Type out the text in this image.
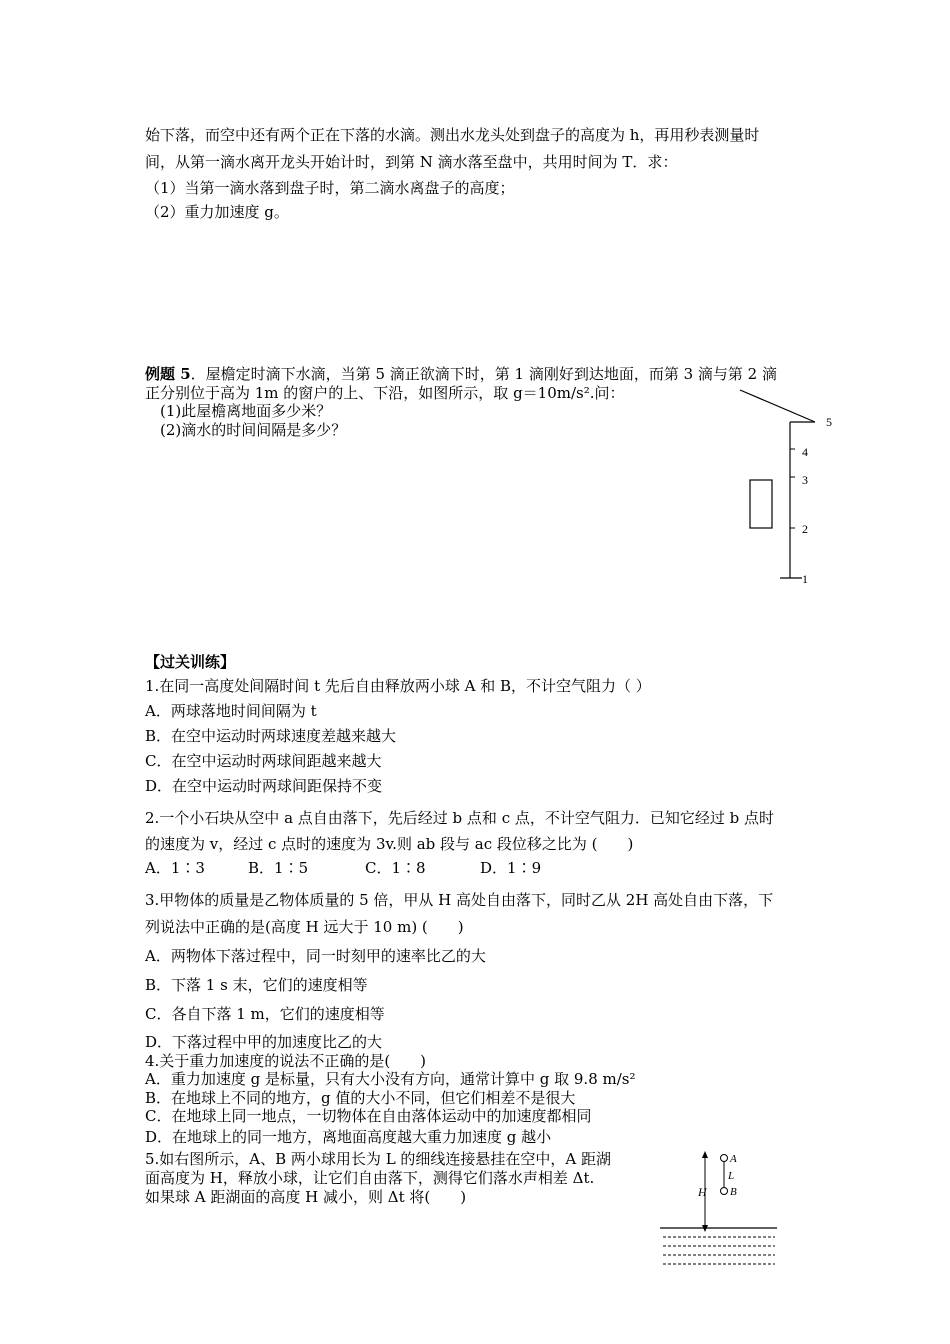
始下落，而空中还有两个正在下落的水滴。测出水龙头处到盘子的高度为 h，再用秒表测量时
间，从第一滴水离开龙头开始计时，到第 N 滴水落至盘中，共用时间为 T．求：
（1）当第一滴水落到盘子时，第二滴水离盘子的高度；
（2）重力加速度 g。
例题 5．屋檐定时滴下水滴，当第 5 滴正欲滴下时，第 1 滴刚好到达地面，而第 3 滴与第 2 滴
正分别位于高为 1m 的窗户的上、下沿，如图所示，取 g＝10m/s².问：
(1)此屋檐离地面多少米？
(2)滴水的时间间隔是多少？	5
4
3
2
1
【过关训练】
1.在同一高度处间隔时间 t 先后自由释放两小球 A 和 B，不计空气阻力（ ）
A．两球落地时间间隔为 t
B．在空中运动时两球速度差越来越大
C．在空中运动时两球间距越来越大
D．在空中运动时两球间距保持不变
2.一个小石块从空中 a 点自由落下，先后经过 b 点和 c 点，不计空气阻力．已知它经过 b 点时
的速度为 v，经过 c 点时的速度为 3v.则 ab 段与 ac 段位移之比为 (　　)
A．1∶3	B．1∶5	C．1∶8	D．1∶9
3.甲物体的质量是乙物体质量的 5 倍，甲从 H 高处自由落下，同时乙从 2H 高处自由下落，下
列说法中正确的是(高度 H 远大于 10 m) (　　)
A．两物体下落过程中，同一时刻甲的速率比乙的大
B．下落 1 s 末，它们的速度相等
C．各自下落 1 m，它们的速度相等
D．下落过程中甲的加速度比乙的大
4.关于重力加速度的说法不正确的是(　　)
A．重力加速度 g 是标量，只有大小没有方向，通常计算中 g 取 9.8 m/s²
B．在地球上不同的地方，g 值的大小不同，但它们相差不是很大
C．在地球上同一地点，一切物体在自由落体运动中的加速度都相同
D．在地球上的同一地方，离地面高度越大重力加速度 g 越小
5.如右图所示，A、B 两小球用长为 L 的细线连接悬挂在空中，A 距湖
面高度为 H，释放小球，让它们自由落下，测得它们落水声相差 Δt.
如果球 A 距湖面的高度 H 减小，则 Δt 将(　　)	H
A
L
B
